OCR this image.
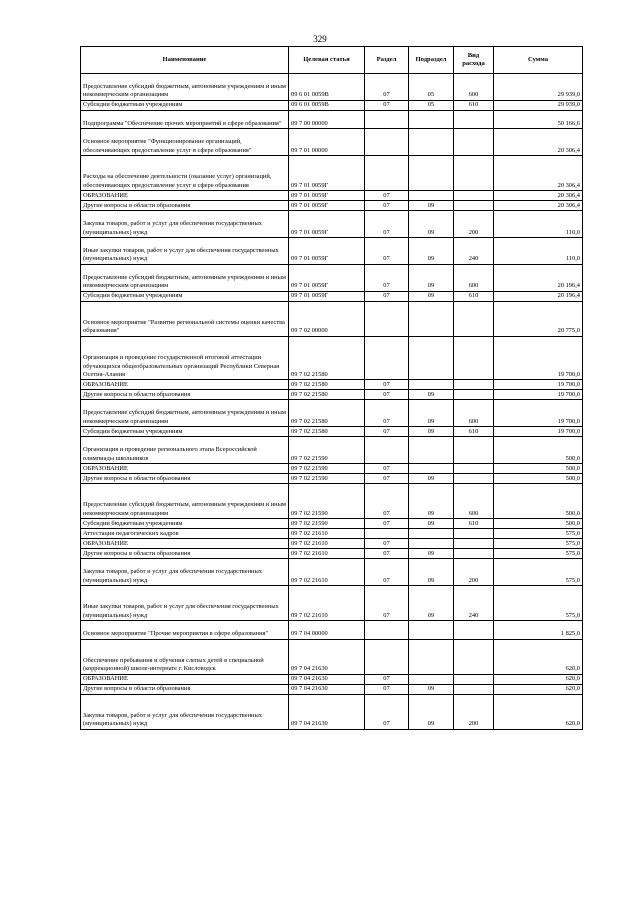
329
Наименование	Целевая статья	Раздел	Подраздел	Вид расхода	Сумма
Предоставление субсидий бюджетным, автономным учреждениям и иным некоммерческим организациям	09 6 01 0059В	07	05	600	29 939,0
Субсидии бюджетным учреждениям	09 6 01 0059В	07	05	610	29 939,0
Подпрограмма "Обеспечение прочих мероприятий в сфере образования"	09 7 00 00000				50 166,6
Основное мероприятие "Функционирование организаций, обеспечивающих предоставление услуг в сфере образования"	09 7 01 00000				20 306,4
Расходы на обеспечение деятельности (оказание услуг) организаций, обеспечивающих предоставление услуг в сфере образования	09 7 01 0059Г				20 306,4
ОБРАЗОВАНИЕ	09 7 01 0059Г	07			20 306,4
Другие вопросы в области образования	09 7 01 0059Г	07	09		20 306,4
Закупка товаров, работ и услуг для обеспечения государственных (муниципальных) нужд	09 7 01 0059Г	07	09	200	110,0
Иные закупки товаров, работ и услуг для обеспечения государственных (муниципальных) нужд	09 7 01 0059Г	07	09	240	110,0
Предоставление субсидий бюджетным, автономным учреждениям и иным некоммерческим организациям	09 7 01 0059Г	07	09	600	20 196,4
Субсидии бюджетным учреждениям	09 7 01 0059Г	07	09	610	20 196,4
Основное мероприятие "Развитие региональной системы оценки качества образования"	09 7 02 00000				20 775,0
Организация и проведение государственной итоговой аттестации обучающихся общеобразовательных организаций Республики Северная Осетия-Алания	09 7 02 21580				19 700,0
ОБРАЗОВАНИЕ	09 7 02 21580	07			19 700,0
Другие вопросы в области образования	09 7 02 21580	07	09		19 700,0
Предоставление субсидий бюджетным, автономным учреждениям и иным некоммерческим организациям	09 7 02 21580	07	09	600	19 700,0
Субсидии бюджетным учреждениям	09 7 02 21580	07	09	610	19 700,0
Организация и проведение регионального этапа Всероссийской олимпиады школьников	09 7 02 21590				500,0
ОБРАЗОВАНИЕ	09 7 02 21590	07			500,0
Другие вопросы в области образования	09 7 02 21590	07	09		500,0
Предоставление субсидий бюджетным, автономным учреждениям и иным некоммерческим организациям	09 7 02 21590	07	09	600	500,0
Субсидии бюджетным учреждениям	09 7 02 21590	07	09	610	500,0
Аттестация педагогических кадров	09 7 02 21610				575,0
ОБРАЗОВАНИЕ	09 7 02 21610	07			575,0
Другие вопросы в области образования	09 7 02 21610	07	09		575,0
Закупка товаров, работ и услуг для обеспечения государственных (муниципальных) нужд	09 7 02 21610	07	09	200	575,0
Иные закупки товаров, работ и услуг для обеспечения государственных (муниципальных) нужд	09 7 02 21610	07	09	240	575,0
Основное мероприятие "Прочие мероприятия в сфере образования"	09 7 04 00000				1 825,0
Обеспечение пребывания и обучения слепых детей в специальной (коррекционной) школе-интернате г. Кисловодск	09 7 04 21630				620,0
ОБРАЗОВАНИЕ	09 7 04 21630	07			620,0
Другие вопросы в области образования	09 7 04 21630	07	09		620,0
Закупка товаров, работ и услуг для обеспечения государственных (муниципальных) нужд	09 7 04 21630	07	09	200	620,0
